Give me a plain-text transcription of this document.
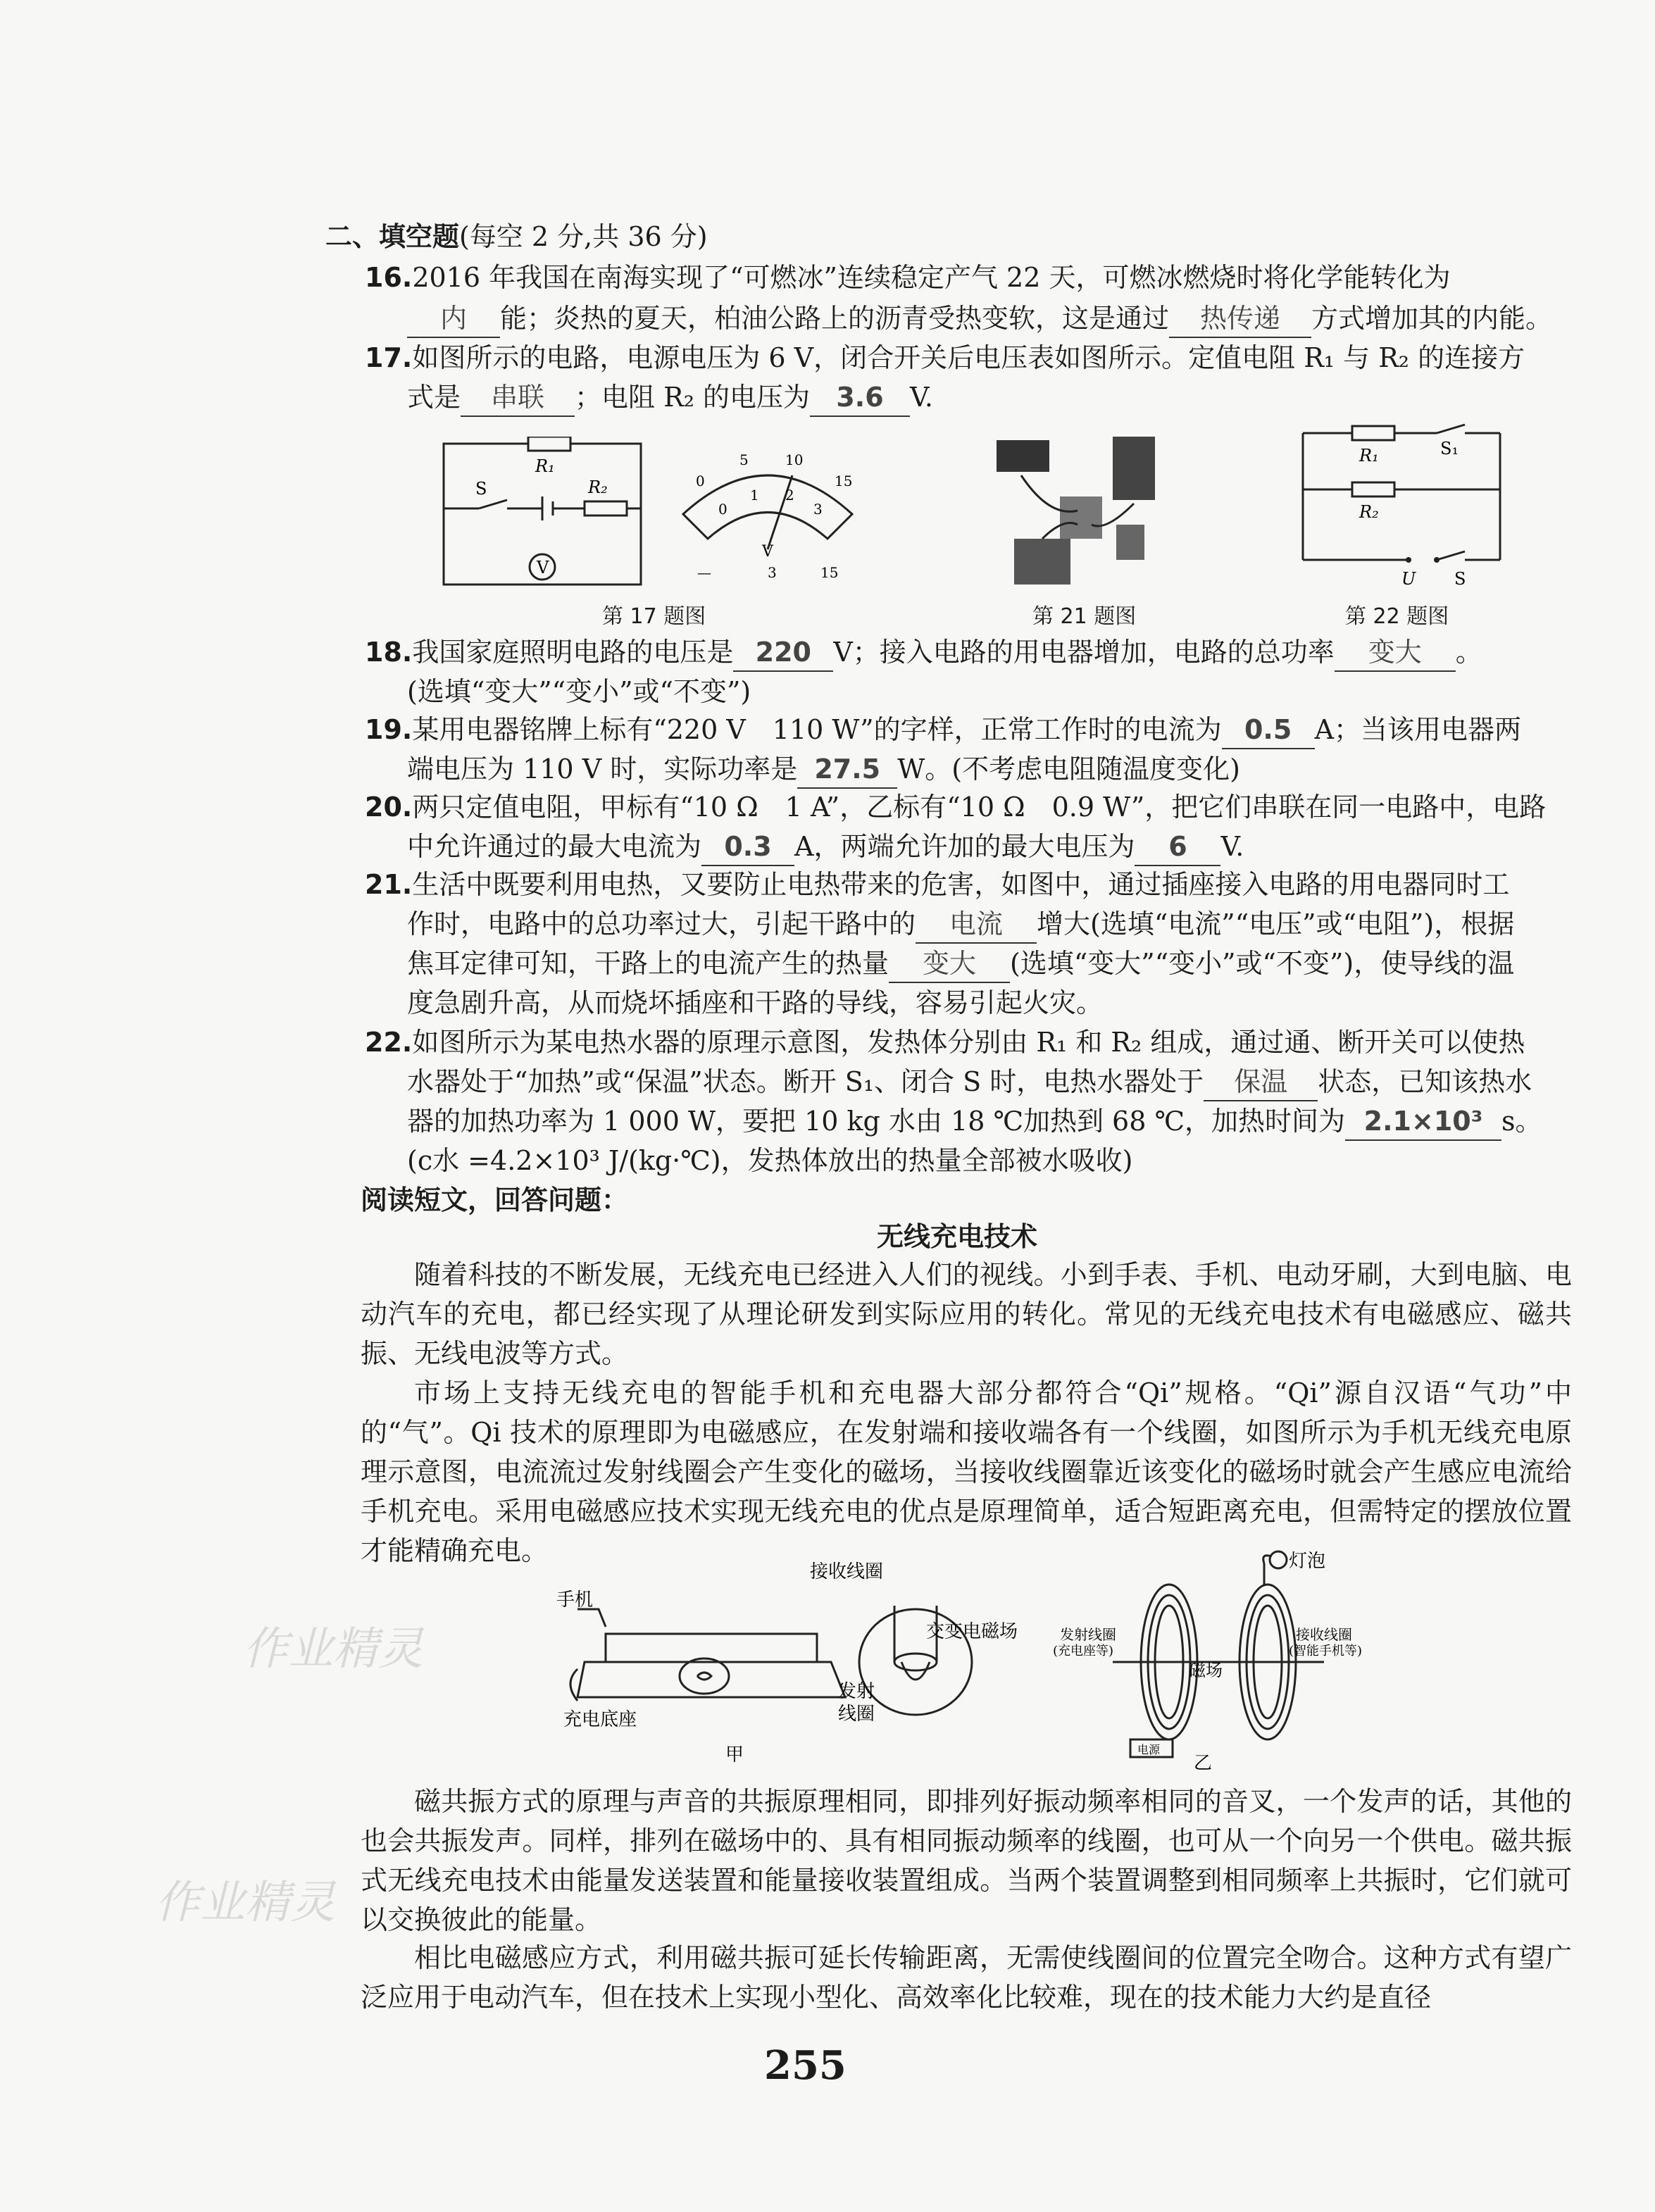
二、填空题(每空 2 分,共 36 分)
16.2016 年我国在南海实现了“可燃冰”连续稳定产气 22 天，可燃冰燃烧时将化学能转化为
内 能；炎热的夏天，柏油公路上的沥青受热变软，这是通过 热传递 方式增加其的内能。
17.如图所示的电路，电源电压为 6 V，闭合开关后电压表如图所示。定值电阻 R₁ 与 R₂ 的连接方
式是 串联 ；电阻 R₂ 的电压为 3.6 V.
R₁
R₂
S
V
0
5	10
15
0
1 2
3
V
—	3	15
第 17 题图	第 21 题图
R₁
R₂
S₁
U S
第 22 题图
18.我国家庭照明电路的电压是 220 V；接入电路的用电器增加，电路的总功率 变大 。
(选填“变大”“变小”或“不变”)
19.某用电器铭牌上标有“220 V　110 W”的字样，正常工作时的电流为 0.5 A；当该用电器两
端电压为 110 V 时，实际功率是 27.5 W。(不考虑电阻随温度变化)
20.两只定值电阻，甲标有“10 Ω　1 A”，乙标有“10 Ω　0.9 W”，把它们串联在同一电路中，电路
中允许通过的最大电流为 0.3 A，两端允许加的最大电压为 6 V.
21.生活中既要利用电热，又要防止电热带来的危害，如图中，通过插座接入电路的用电器同时工
作时，电路中的总功率过大，引起干路中的 电流 增大(选填“电流”“电压”或“电阻”)，根据
焦耳定律可知，干路上的电流产生的热量 变大 (选填“变大”“变小”或“不变”)，使导线的温
度急剧升高，从而烧坏插座和干路的导线，容易引起火灾。
22.如图所示为某电热水器的原理示意图，发热体分别由 R₁ 和 R₂ 组成，通过通、断开关可以使热
水器处于“加热”或“保温”状态。断开 S₁、闭合 S 时，电热水器处于 保温 状态，已知该热水
器的加热功率为 1 000 W，要把 10 kg 水由 18 ℃加热到 68 ℃，加热时间为 2.1×10³ s。
(c水 =4.2×10³ J/(kg·℃)，发热体放出的热量全部被水吸收)
阅读短文，回答问题：
无线充电技术
随着科技的不断发展，无线充电已经进入人们的视线。小到手表、手机、电动牙刷，大到电脑、电动汽车的充电，都已经实现了从理论研发到实际应用的转化。常见的无线充电技术有电磁感应、磁共振、无线电波等方式。
市场上支持无线充电的智能手机和充电器大部分都符合“Qi”规格。“Qi”源自汉语“气功”中的“气”。Qi 技术的原理即为电磁感应，在发射端和接收端各有一个线圈，如图所示为手机无线充电原理示意图，电流流过发射线圈会产生变化的磁场，当接收线圈靠近该变化的磁场时就会产生感应电流给手机充电。采用电磁感应技术实现无线充电的优点是原理简单，适合短距离充电，但需特定的摆放位置才能精确充电。
手机
充电底座
接收线圈
交变电磁场
发射
线圈
甲
灯泡
发射线圈
(充电座等)
磁场
接收线圈
(智能手机等)
电源
乙
磁共振方式的原理与声音的共振原理相同，即排列好振动频率相同的音叉，一个发声的话，其他的也会共振发声。同样，排列在磁场中的、具有相同振动频率的线圈，也可从一个向另一个供电。磁共振式无线充电技术由能量发送装置和能量接收装置组成。当两个装置调整到相同频率上共振时，它们就可以交换彼此的能量。
相比电磁感应方式，利用磁共振可延长传输距离，无需使线圈间的位置完全吻合。这种方式有望广泛应用于电动汽车，但在技术上实现小型化、高效率化比较难，现在的技术能力大约是直径
作业精灵
作业精灵
255
